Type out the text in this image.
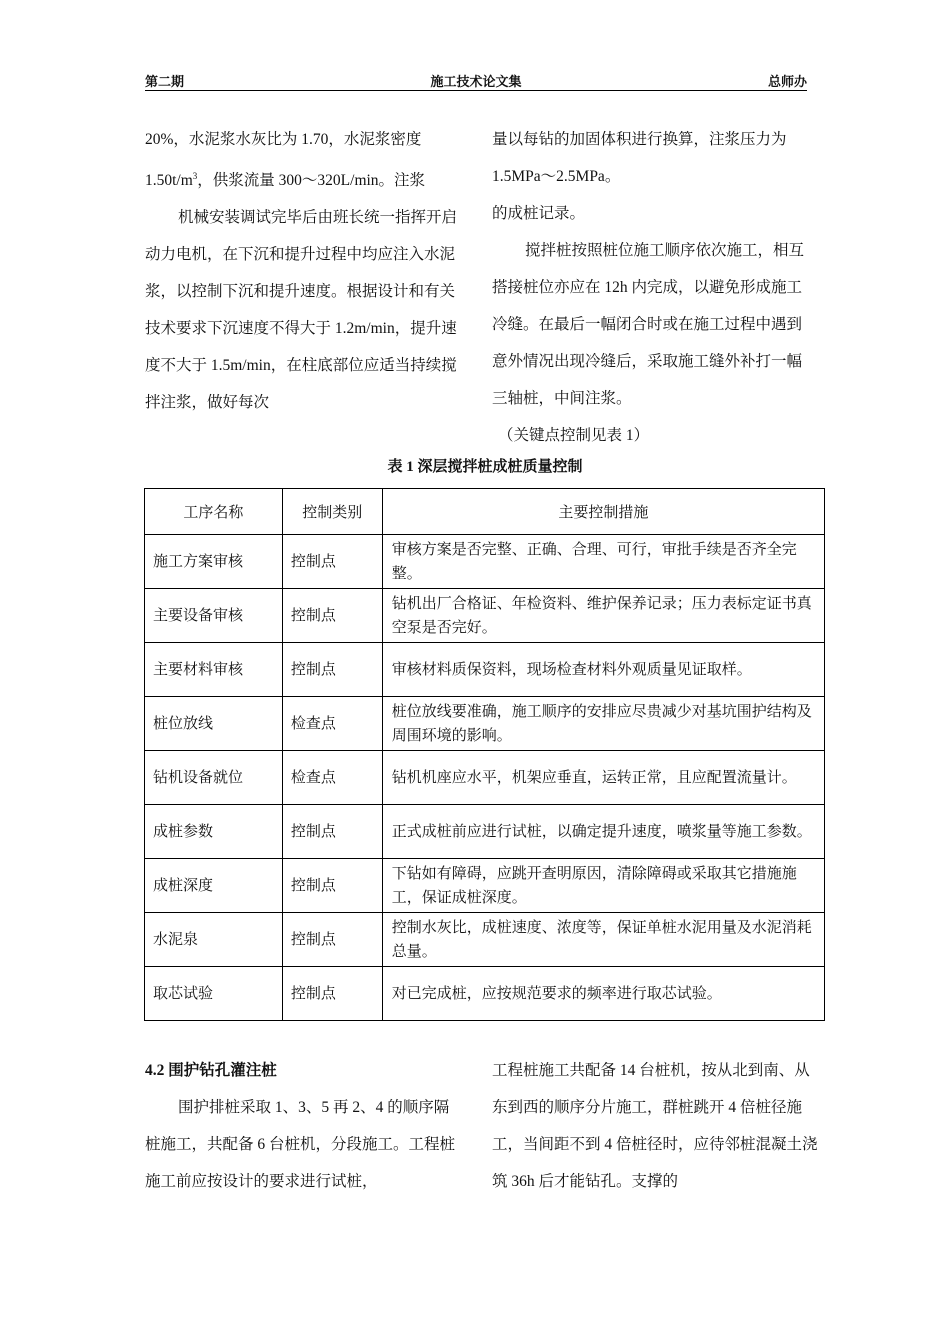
第二期	施工技术论文集	总师办

20%，水泥浆水灰比为 1.70，水泥浆密度
$1.50t/m^3$，供浆流量 300～320L/min。注浆

机械安装调试完毕后由班长统一指挥开启动力电机，在下沉和提升过程中均应注入水泥浆，以控制下沉和提升速度。根据设计和有关技术要求下沉速度不得大于 1.2m/min，提升速度不大于 1.5m/min，在柱底部位应适当持续搅拌注浆，做好每次

量以每钻的加固体积进行换算，注浆压力为 1.5MPa～2.5MPa。

的成桩记录。

搅拌桩按照桩位施工顺序依次施工，相互搭接桩位亦应在 12h 内完成，以避免形成施工冷缝。在最后一幅闭合时或在施工过程中遇到意外情况出现冷缝后，采取施工缝外补打一幅三轴桩，中间注浆。

（关键点控制见表 1）

表 1 深层搅拌桩成桩质量控制
工序名称	控制类别	主要控制措施
施工方案审核	控制点	审核方案是否完整、正确、合理、可行，审批手续是否齐全完整。
主要设备审核	控制点	钻机出厂合格证、年检资料、维护保养记录；压力表标定证书真空泵是否完好。
主要材料审核	控制点	审核材料质保资料，现场检查材料外观质量见证取样。
桩位放线	检查点	桩位放线要准确，施工顺序的安排应尽贵减少对基坑围护结构及周围环境的影响。
钻机设备就位	检查点	钻机机座应水平，机架应垂直，运转正常，且应配置流量计。
成桩参数	控制点	正式成桩前应进行试桩，以确定提升速度，喷浆量等施工参数。
成桩深度	控制点	下钻如有障碍，应跳开查明原因，清除障碍或采取其它措施施工，保证成桩深度。
水泥泉	控制点	控制水灰比，成桩速度、浓度等，保证单桩水泥用量及水泥消耗总量。
取芯试验	控制点	对已完成桩，应按规范要求的频率进行取芯试验。

4.2 围护钻孔灌注桩

围护排桩采取 1、3、5 再 2、4 的顺序隔桩施工，共配备 6 台桩机，分段施工。工程桩施工前应按设计的要求进行试桩，

工程桩施工共配备 14 台桩机，按从北到南、从东到西的顺序分片施工，群桩跳开 4 倍桩径施工，当间距不到 4 倍桩径时，应待邻桩混凝土浇筑 36h 后才能钻孔。支撑的
